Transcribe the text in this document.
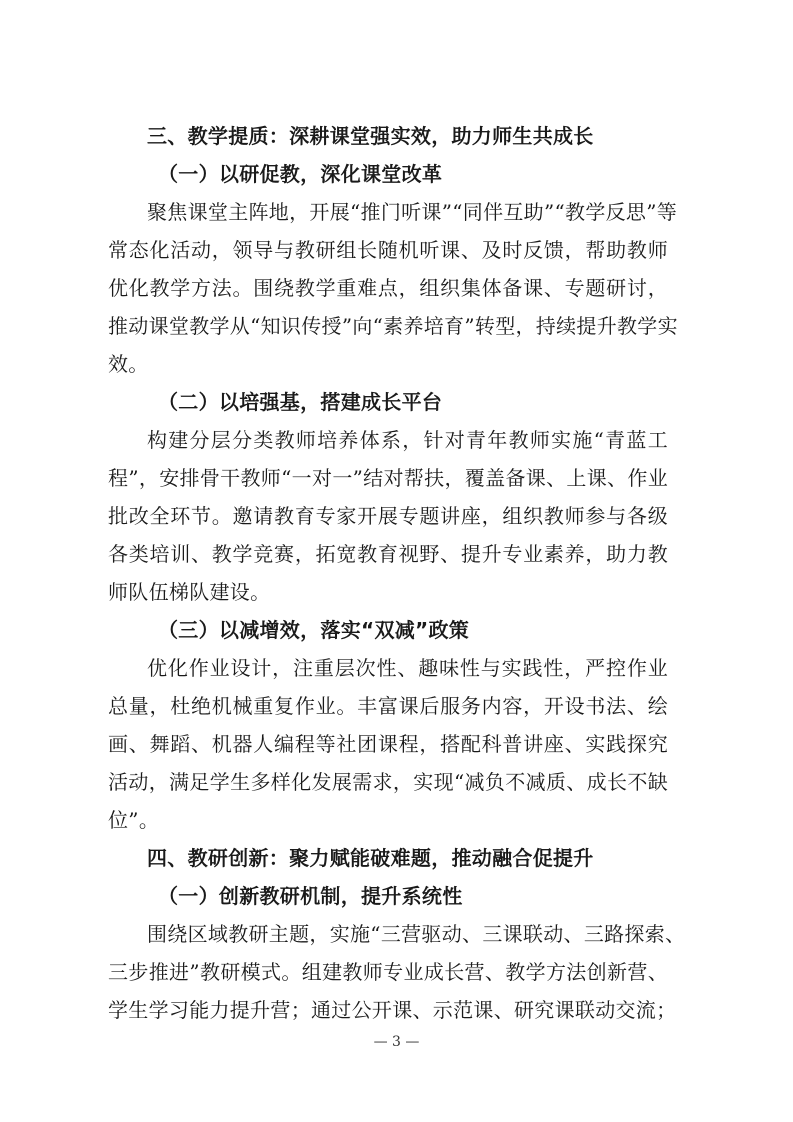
三、教学提质：深耕课堂强实效，助力师生共成长
（一）以研促教，深化课堂改革
聚焦课堂主阵地，开展“推门听课”“同伴互助”“教学反思”等
常态化活动，领导与教研组长随机听课、及时反馈，帮助教师
优化教学方法。围绕教学重难点，组织集体备课、专题研讨，
推动课堂教学从“知识传授”向“素养培育”转型，持续提升教学实
效。
（二）以培强基，搭建成长平台
构建分层分类教师培养体系，针对青年教师实施“青蓝工
程”，安排骨干教师“一对一”结对帮扶，覆盖备课、上课、作业
批改全环节。邀请教育专家开展专题讲座，组织教师参与各级
各类培训、教学竞赛，拓宽教育视野、提升专业素养，助力教
师队伍梯队建设。
（三）以减增效，落实“双减”政策
优化作业设计，注重层次性、趣味性与实践性，严控作业
总量，杜绝机械重复作业。丰富课后服务内容，开设书法、绘
画、舞蹈、机器人编程等社团课程，搭配科普讲座、实践探究
活动，满足学生多样化发展需求，实现“减负不减质、成长不缺
位”。
四、教研创新：聚力赋能破难题，推动融合促提升
（一）创新教研机制，提升系统性
围绕区域教研主题，实施“三营驱动、三课联动、三路探索、
三步推进”教研模式。组建教师专业成长营、教学方法创新营、
学生学习能力提升营；通过公开课、示范课、研究课联动交流；
— 3 —
